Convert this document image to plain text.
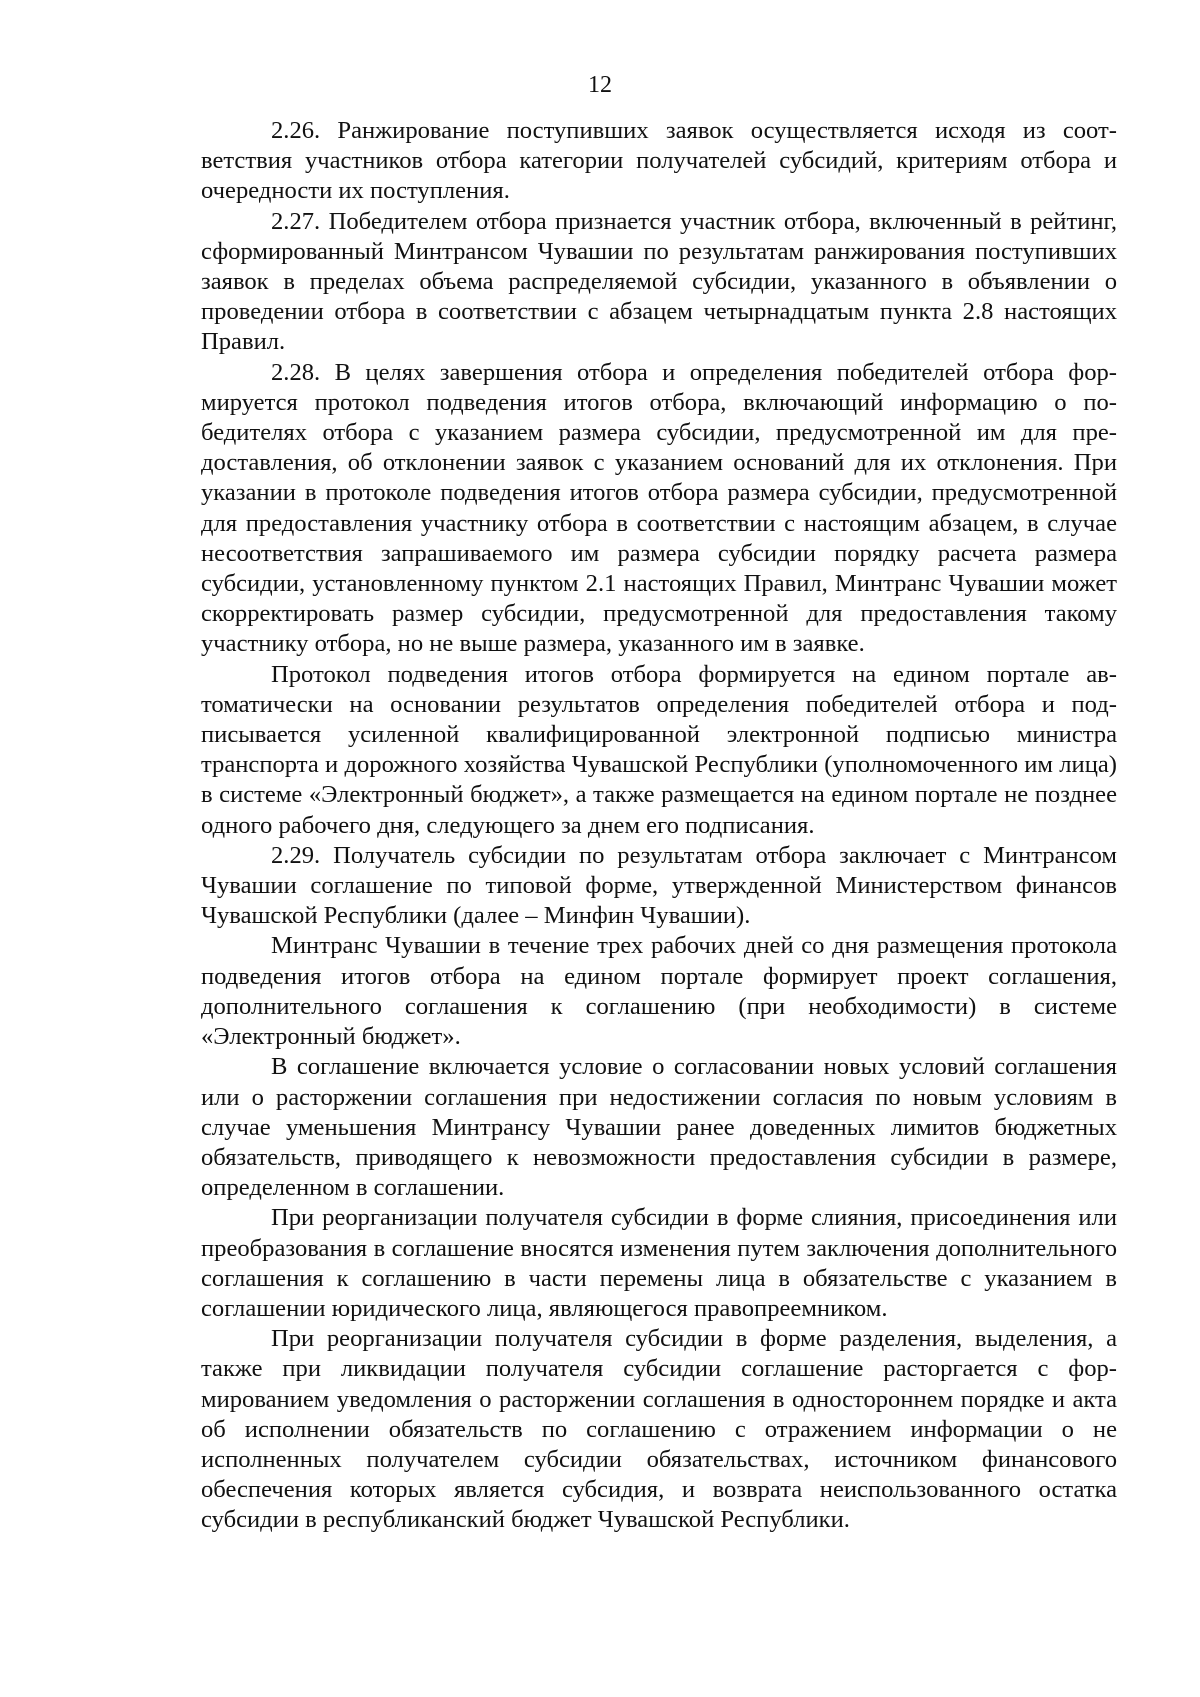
12

2.26. Ранжирование поступивших заявок осуществляется исходя из соответствия участников отбора категории получателей субсидий, критериям отбора и очередности их поступления.

2.27. Победителем отбора признается участник отбора, включенный в рейтинг, сформированный Минтрансом Чувашии по результатам ранжирования поступивших заявок в пределах объема распределяемой субсидии, указанного в объявлении о проведении отбора в соответствии с абзацем четырнадцатым пункта 2.8 настоящих Правил.

2.28. В целях завершения отбора и определения победителей отбора формируется протокол подведения итогов отбора, включающий информацию о победителях отбора с указанием размера субсидии, предусмотренной им для предоставления, об отклонении заявок с указанием оснований для их отклонения. При указании в протоколе подведения итогов отбора размера субсидии, предусмотренной для предоставления участнику отбора в соответствии с настоящим абзацем, в случае несоответствия запрашиваемого им размера субсидии порядку расчета размера субсидии, установленному пунктом 2.1 настоящих Правил, Минтранс Чувашии может скорректировать размер субсидии, предусмотренной для предоставления такому участнику отбора, но не выше размера, указанного им в заявке.

Протокол подведения итогов отбора формируется на едином портале автоматически на основании результатов определения победителей отбора и подписывается усиленной квалифицированной электронной подписью министра транспорта и дорожного хозяйства Чувашской Республики (уполномоченного им лица) в системе «Электронный бюджет», а также размещается на едином портале не позднее одного рабочего дня, следующего за днем его подписания.

2.29. Получатель субсидии по результатам отбора заключает с Минтрансом Чувашии соглашение по типовой форме, утвержденной Министерством финансов Чувашской Республики (далее – Минфин Чувашии).

Минтранс Чувашии в течение трех рабочих дней со дня размещения протокола подведения итогов отбора на едином портале формирует проект соглашения, дополнительного соглашения к соглашению (при необходимости) в системе «Электронный бюджет».

В соглашение включается условие о согласовании новых условий соглашения или о расторжении соглашения при недостижении согласия по новым условиям в случае уменьшения Минтрансу Чувашии ранее доведенных лимитов бюджетных обязательств, приводящего к невозможности предоставления субсидии в размере, определенном в соглашении.

При реорганизации получателя субсидии в форме слияния, присоединения или преобразования в соглашение вносятся изменения путем заключения дополнительного соглашения к соглашению в части перемены лица в обязательстве с указанием в соглашении юридического лица, являющегося правопреемником.

При реорганизации получателя субсидии в форме разделения, выделения, а также при ликвидации получателя субсидии соглашение расторгается с формированием уведомления о расторжении соглашения в одностороннем порядке и акта об исполнении обязательств по соглашению с отражением информации о не исполненных получателем субсидии обязательствах, источником финансового обеспечения которых является субсидия, и возврата неиспользованного остатка субсидии в республиканский бюджет Чувашской Республики.
